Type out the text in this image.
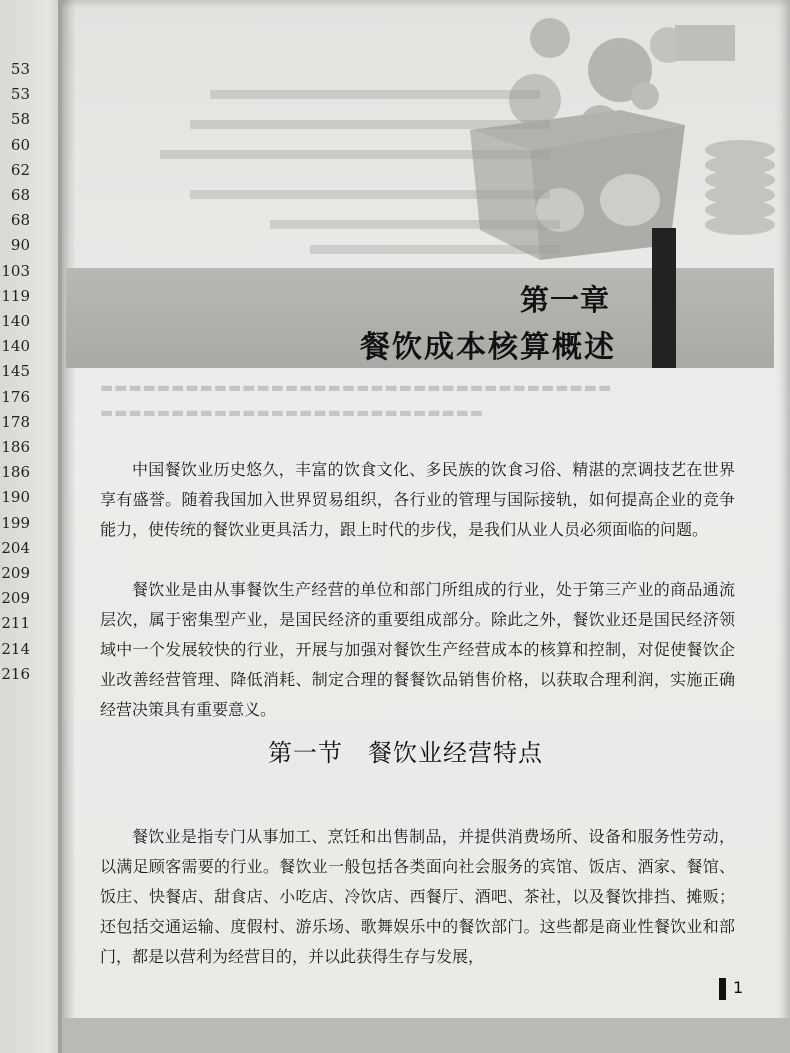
53
53
58
60
62
68
68
90
103
119
140
140
145
176
178
186
186
190
199
204
209
209
211
214
216
第一章
餐饮成本核算概述
▬▬▬▬▬▬▬▬▬▬▬▬▬▬▬▬▬▬▬▬▬▬▬▬▬▬▬▬▬▬▬▬▬▬▬▬
▬▬▬▬▬▬▬▬▬▬▬▬▬▬▬▬▬▬▬▬▬▬▬▬▬▬▬

中国餐饮业历史悠久，丰富的饮食文化、多民族的饮食习俗、精湛的烹调技艺在世界享有盛誉。随着我国加入世界贸易组织，各行业的管理与国际接轨，如何提高企业的竞争能力，使传统的餐饮业更具活力，跟上时代的步伐，是我们从业人员必须面临的问题。

餐饮业是由从事餐饮生产经营的单位和部门所组成的行业，处于第三产业的商品通流层次，属于密集型产业，是国民经济的重要组成部分。除此之外，餐饮业还是国民经济领域中一个发展较快的行业，开展与加强对餐饮生产经营成本的核算和控制，对促使餐饮企业改善经营管理、降低消耗、制定合理的餐餐饮品销售价格，以获取合理利润，实施正确经营决策具有重要意义。

第一节　餐饮业经营特点

餐饮业是指专门从事加工、烹饪和出售制品，并提供消费场所、设备和服务性劳动，以满足顾客需要的行业。餐饮业一般包括各类面向社会服务的宾馆、饭店、酒家、餐馆、饭庄、快餐店、甜食店、小吃店、冷饮店、西餐厅、酒吧、茶社，以及餐饮排挡、摊贩；还包括交通运输、度假村、游乐场、歌舞娱乐中的餐饮部门。这些都是商业性餐饮业和部门，都是以营利为经营目的，并以此获得生存与发展，

1
